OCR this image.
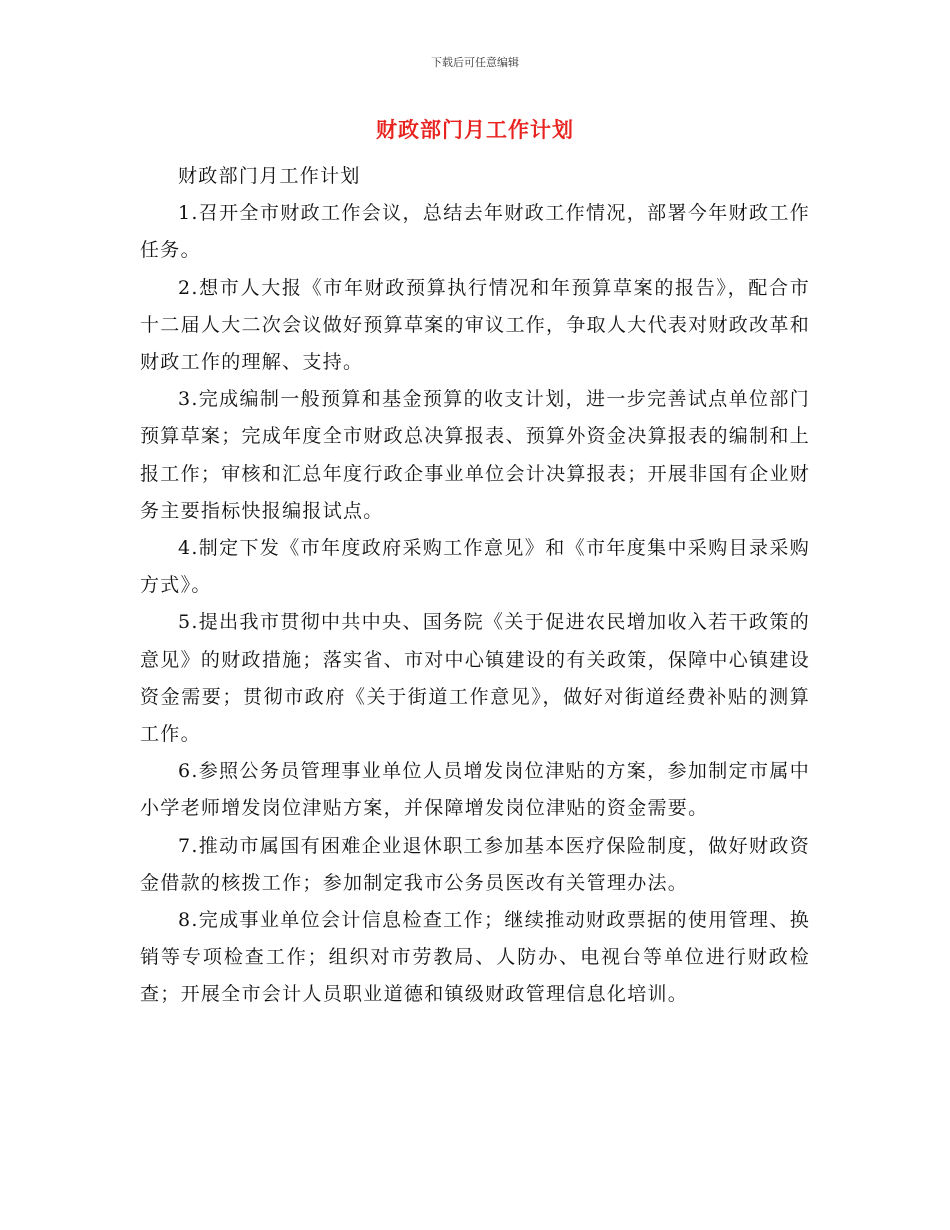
下载后可任意编辑
财政部门月工作计划

财政部门月工作计划

1.召开全市财政工作会议，总结去年财政工作情况，部署今年财政工作任务。

2.想市人大报《市年财政预算执行情况和年预算草案的报告》，配合市十二届人大二次会议做好预算草案的审议工作，争取人大代表对财政改革和财政工作的理解、支持。

3.完成编制一般预算和基金预算的收支计划，进一步完善试点单位部门预算草案；完成年度全市财政总决算报表、预算外资金决算报表的编制和上报工作；审核和汇总年度行政企事业单位会计决算报表；开展非国有企业财务主要指标快报编报试点。

4.制定下发《市年度政府采购工作意见》和《市年度集中采购目录采购方式》。

5.提出我市贯彻中共中央、国务院《关于促进农民增加收入若干政策的意见》的财政措施；落实省、市对中心镇建设的有关政策，保障中心镇建设资金需要；贯彻市政府《关于街道工作意见》，做好对街道经费补贴的测算工作。

6.参照公务员管理事业单位人员增发岗位津贴的方案，参加制定市属中小学老师增发岗位津贴方案，并保障增发岗位津贴的资金需要。

7.推动市属国有困难企业退休职工参加基本医疗保险制度，做好财政资金借款的核拨工作；参加制定我市公务员医改有关管理办法。

8.完成事业单位会计信息检查工作；继续推动财政票据的使用管理、换销等专项检查工作；组织对市劳教局、人防办、电视台等单位进行财政检查；开展全市会计人员职业道德和镇级财政管理信息化培训。
